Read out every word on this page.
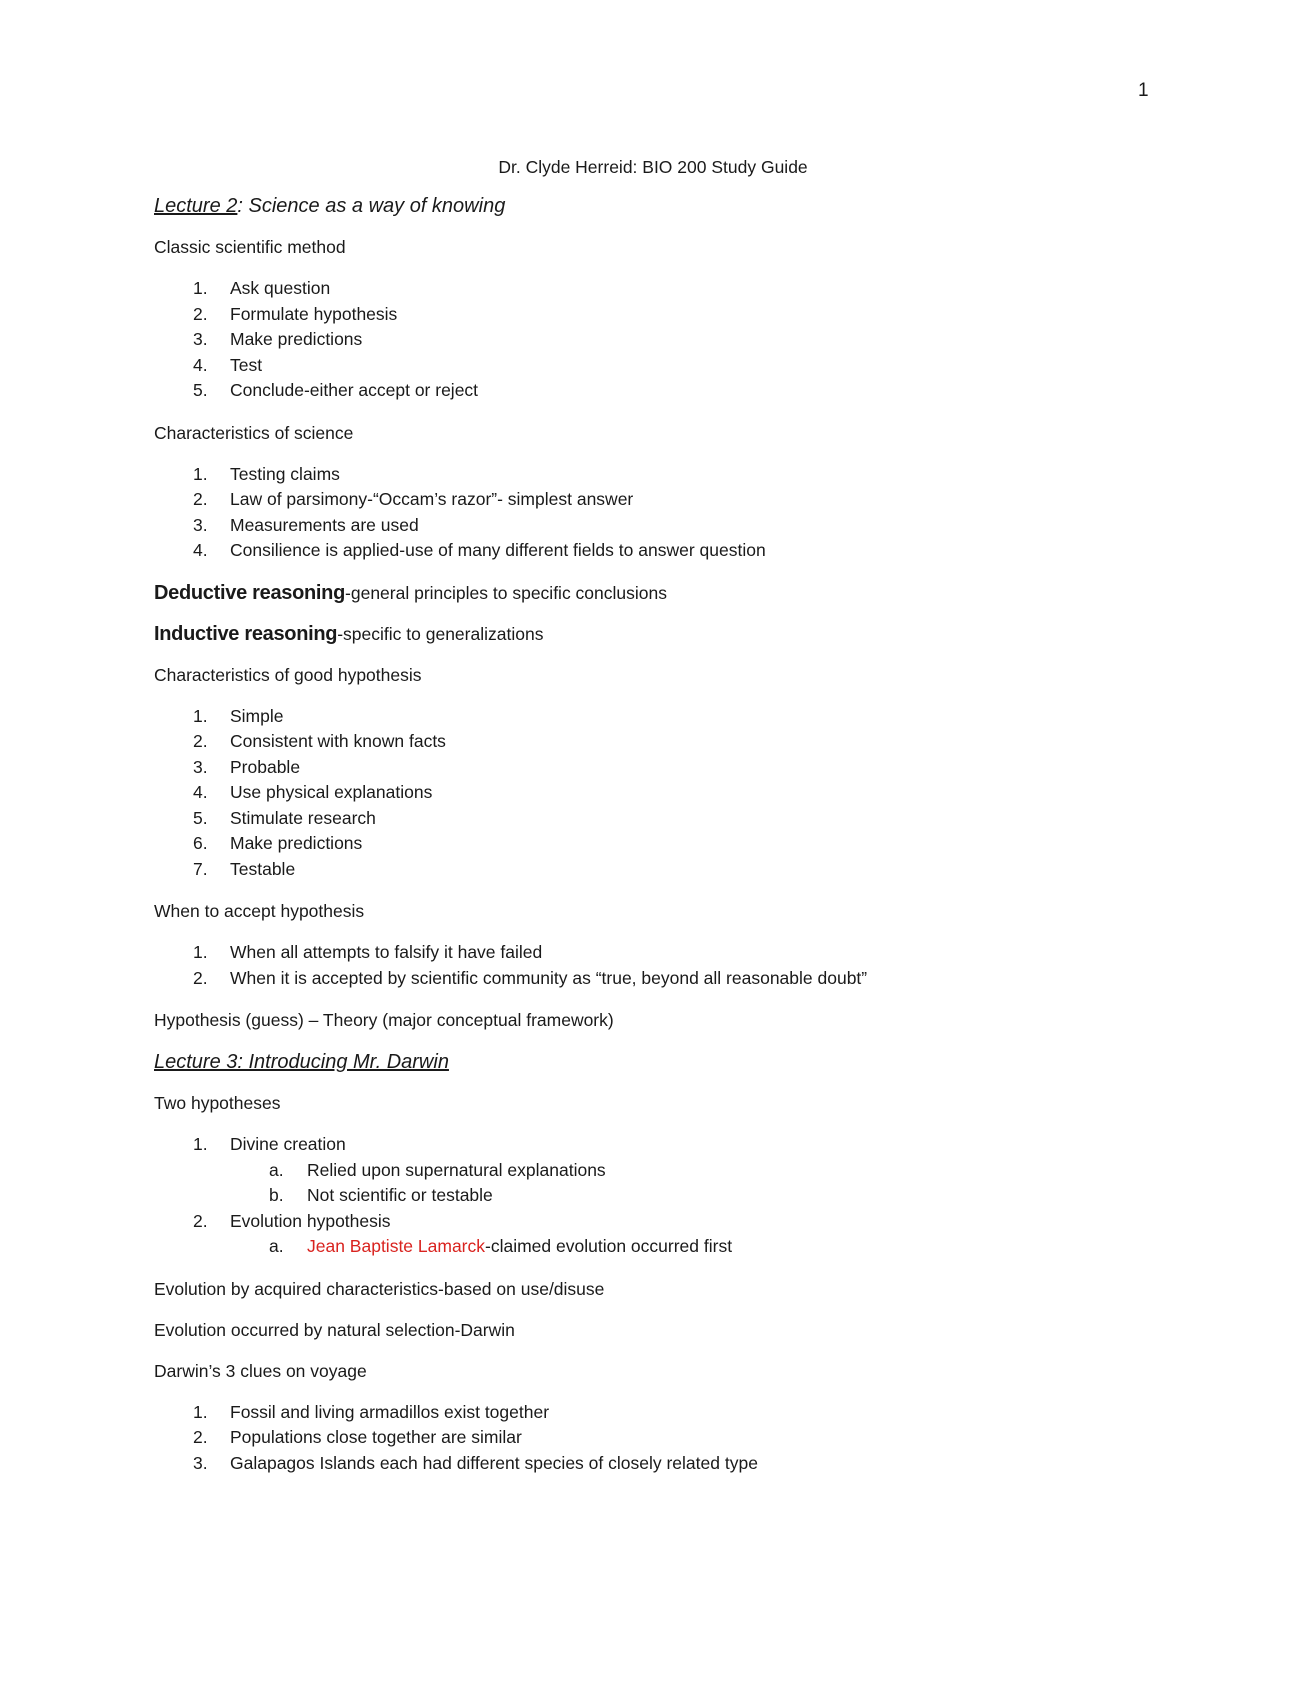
1
Dr. Clyde Herreid: BIO 200 Study Guide
Lecture 2: Science as a way of knowing
Classic scientific method
1. Ask question
2. Formulate hypothesis
3. Make predictions
4. Test
5. Conclude-either accept or reject
Characteristics of science
1. Testing claims
2. Law of parsimony-“Occam’s razor”- simplest answer
3. Measurements are used
4. Consilience is applied-use of many different fields to answer question
Deductive reasoning-general principles to specific conclusions
Inductive reasoning-specific to generalizations
Characteristics of good hypothesis
1. Simple
2. Consistent with known facts
3. Probable
4. Use physical explanations
5. Stimulate research
6. Make predictions
7. Testable
When to accept hypothesis
1. When all attempts to falsify it have failed
2. When it is accepted by scientific community as “true, beyond all reasonable doubt”
Hypothesis (guess) – Theory (major conceptual framework)
Lecture 3: Introducing Mr. Darwin
Two hypotheses
1. Divine creation
a. Relied upon supernatural explanations
b. Not scientific or testable
2. Evolution hypothesis
a. Jean Baptiste Lamarck-claimed evolution occurred first
Evolution by acquired characteristics-based on use/disuse
Evolution occurred by natural selection-Darwin
Darwin’s 3 clues on voyage
1. Fossil and living armadillos exist together
2. Populations close together are similar
3. Galapagos Islands each had different species of closely related type
